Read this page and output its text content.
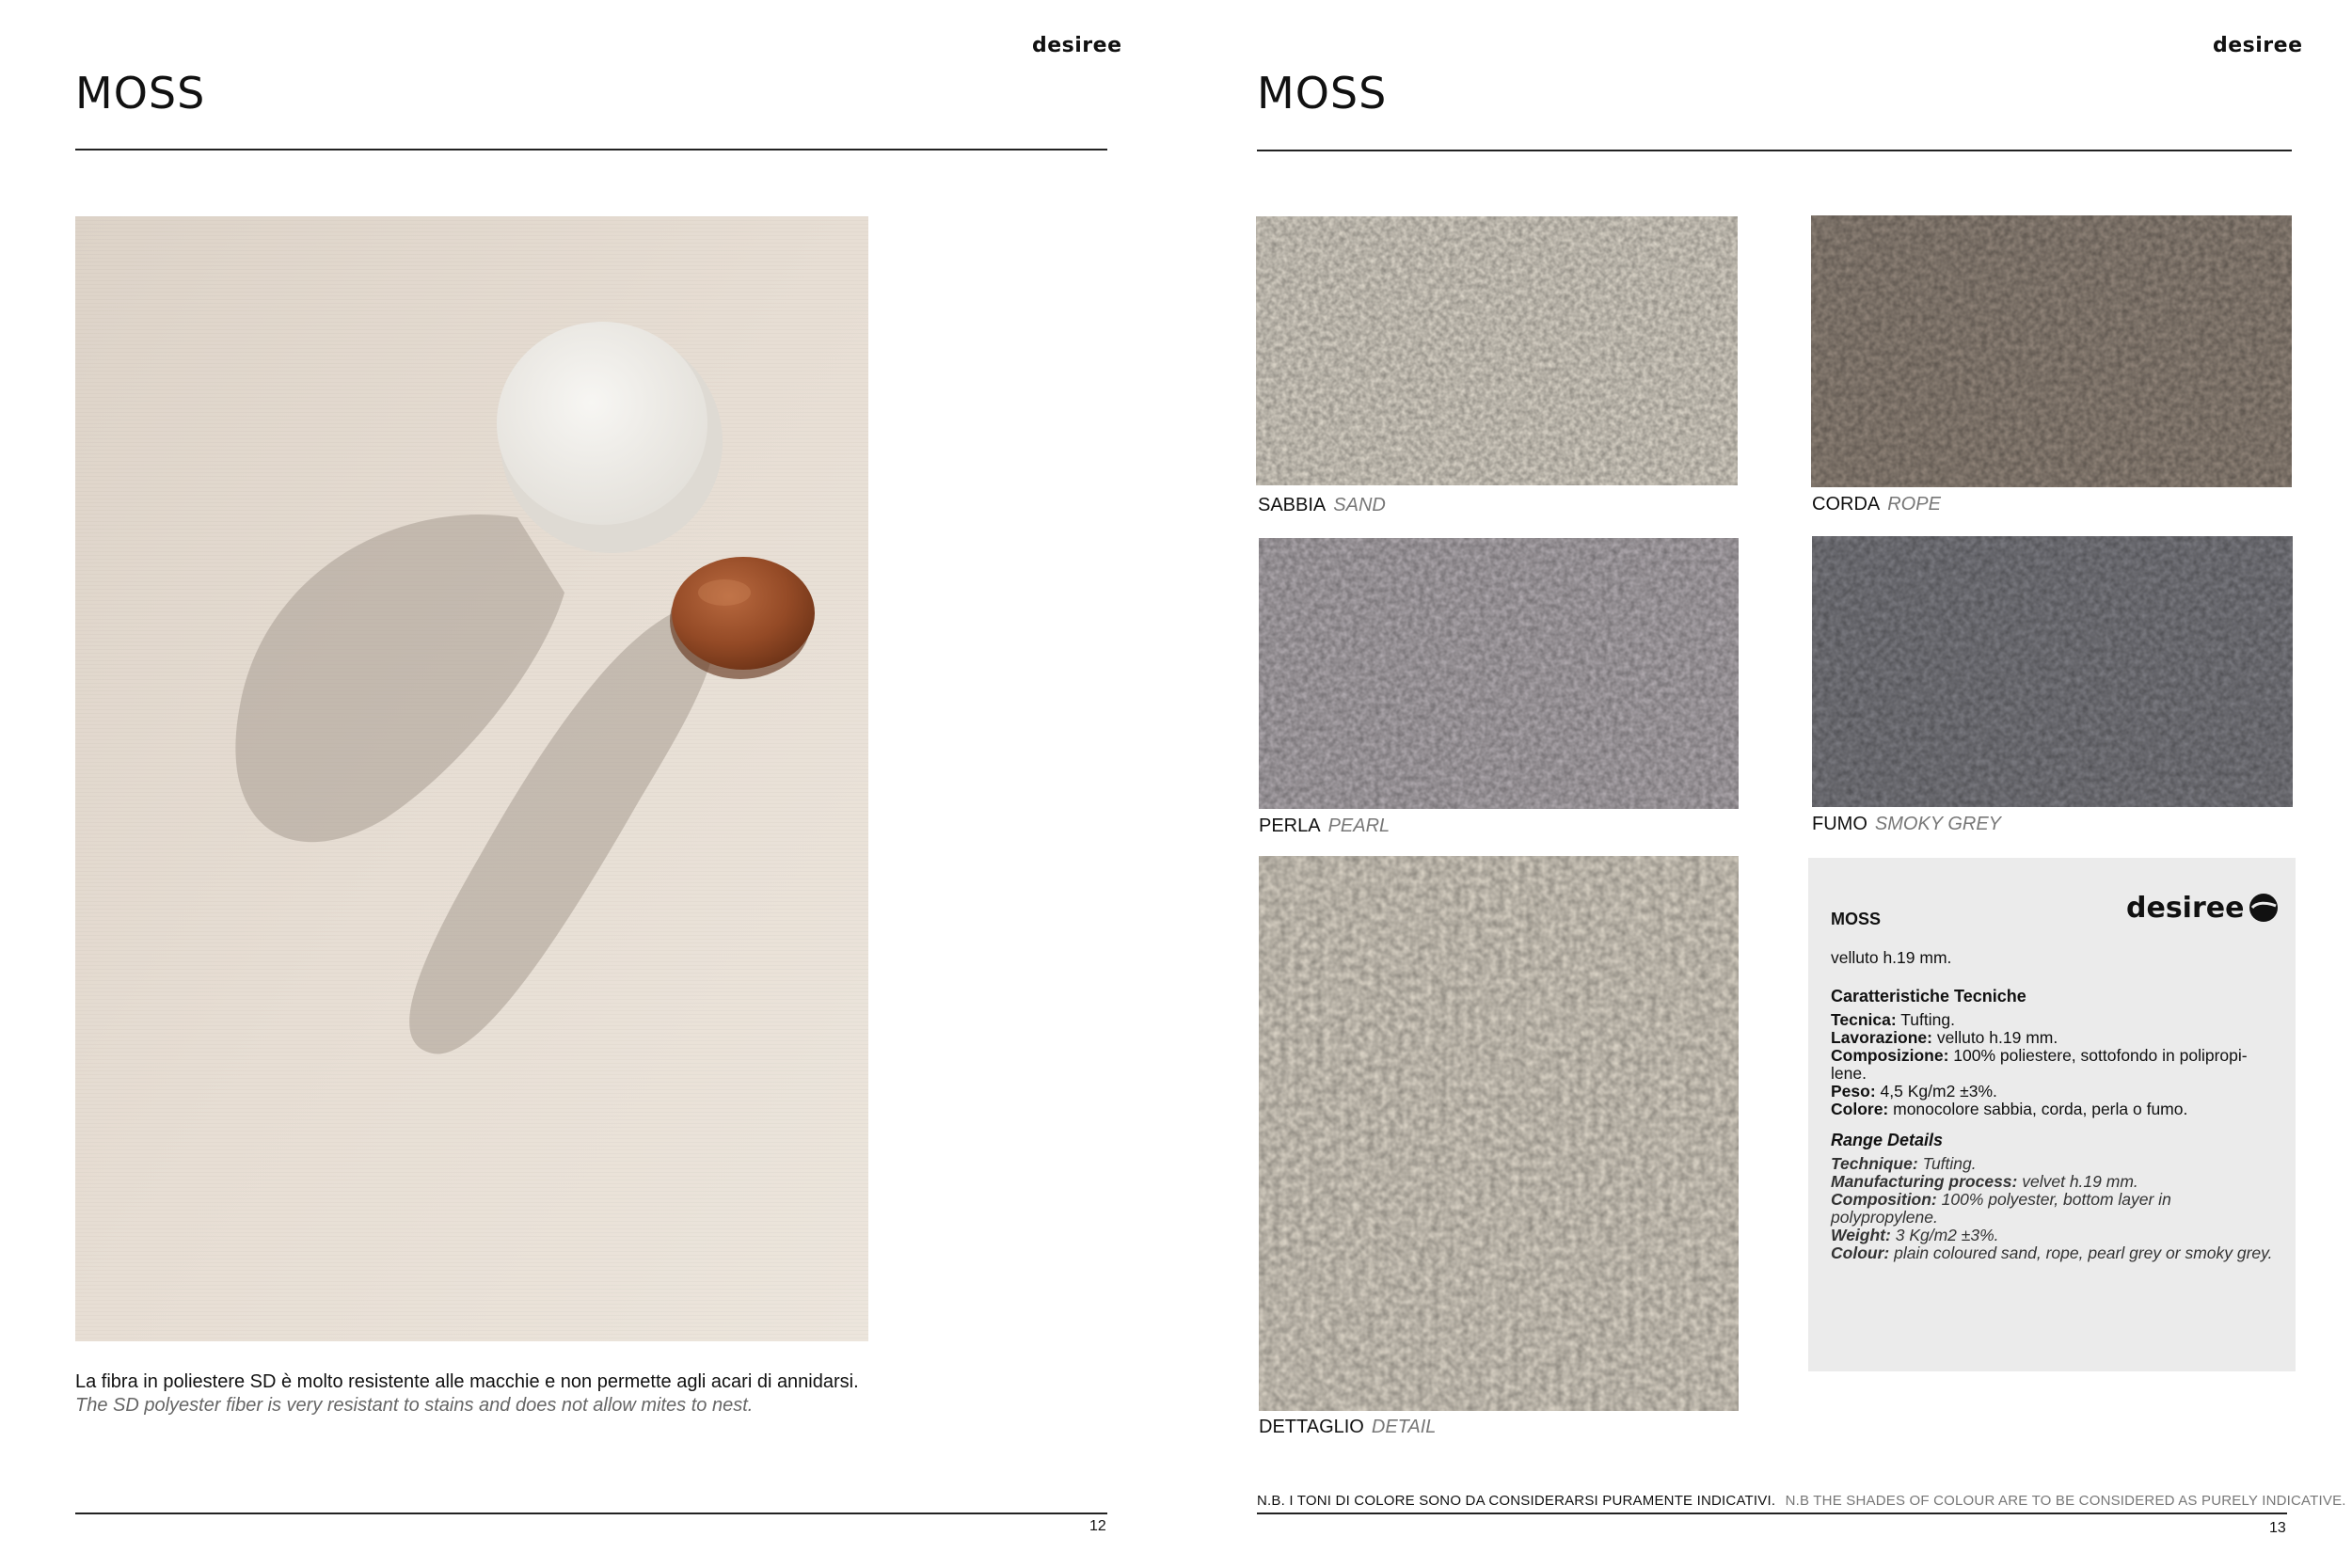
desiree
MOSS
La fibra in poliestere SD è molto resistente alle macchie e non permette agli acari di annidarsi.
The SD polyester fiber is very resistant to stains and does not allow mites to nest.
12
desiree
MOSS
SABBIA SAND	CORDA ROPE
PERLA PEARL	FUMO SMOKY GREY
DETTAGLIO DETAIL
desiree

MOSS

velluto h.19 mm.

Caratteristiche Tecniche

Tecnica: Tufting.

Lavorazione: velluto h.19 mm.

Composizione: 100% poliestere, sottofondo in polipropi-lene.

Peso: 4,5 Kg/m2 ±3%.

Colore: monocolore sabbia, corda, perla o fumo.

Range Details

Technique: Tufting.

Manufacturing process: velvet h.19 mm.

Composition: 100% polyester, bottom layer in polypropylene.

Weight: 3 Kg/m2 ±3%.

Colour: plain coloured sand, rope, pearl grey or smoky grey.

N.B. I TONI DI COLORE SONO DA CONSIDERARSI PURAMENTE INDICATIVI. N.B THE SHADES OF COLOUR ARE TO BE CONSIDERED AS PURELY INDICATIVE.
13
